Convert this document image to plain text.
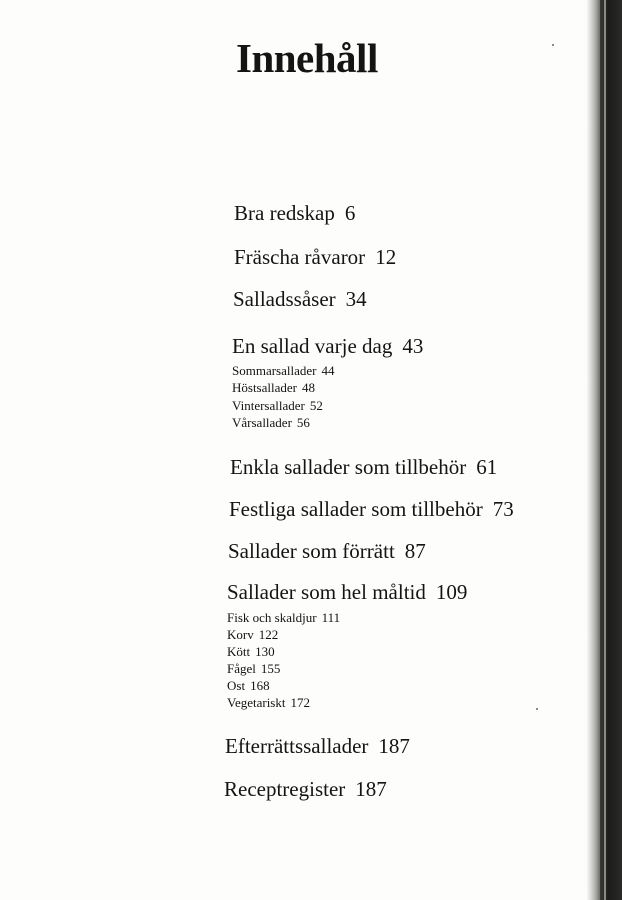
Innehåll
Bra redskap 6
Fräscha råvaror 12
Salladssåser 34
En sallad varje dag 43
Sommarsallader 44
Höstsallader 48
Vintersallader 52
Vårsallader 56
Enkla sallader som tillbehör 61
Festliga sallader som tillbehör 73
Sallader som förrätt 87
Sallader som hel måltid 109
Fisk och skaldjur 111
Korv 122
Kött 130
Fågel 155
Ost 168
Vegetariskt 172
Efterrättssallader 187
Receptregister 187
